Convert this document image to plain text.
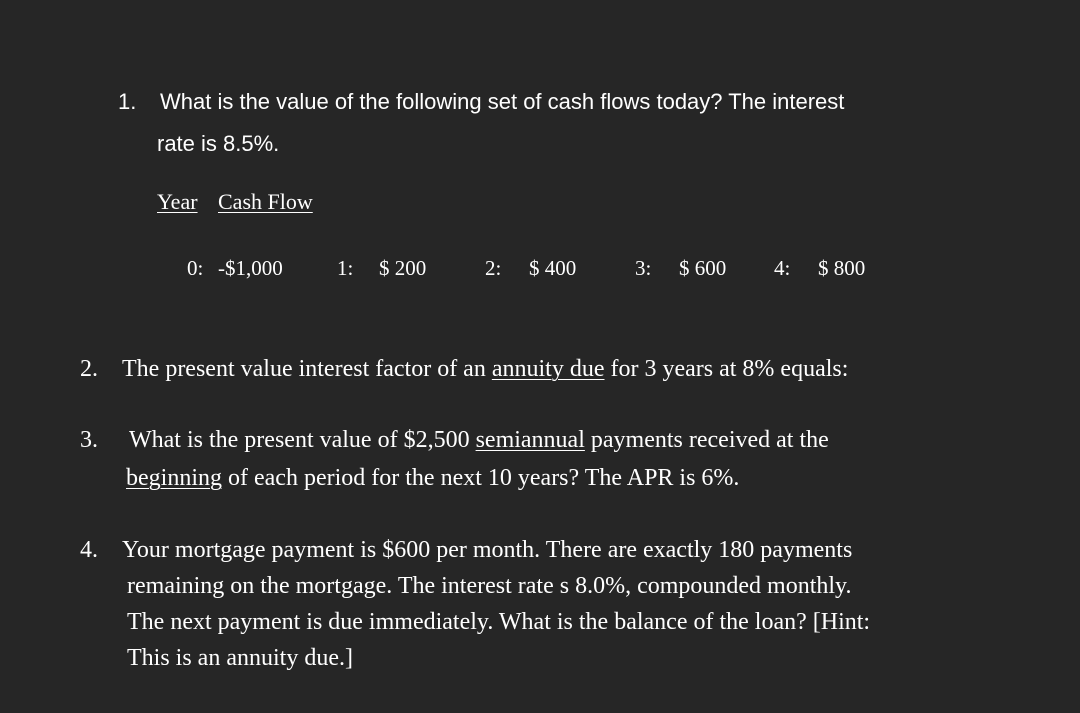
1. What is the value of the following set of cash flows today? The interest
rate is 8.5%.
Year Cash Flow
0: -$1,000	1: $ 200	2: $ 400	3: $ 600 4: $ 800
2. The present value interest factor of an annuity due for 3 years at 8% equals:
3. What is the present value of $2,500 semiannual payments received at the
beginning of each period for the next 10 years? The APR is 6%.
4. Your mortgage payment is $600 per month. There are exactly 180 payments
remaining on the mortgage. The interest rate s 8.0%, compounded monthly.
The next payment is due immediately. What is the balance of the loan? [Hint:
This is an annuity due.]
